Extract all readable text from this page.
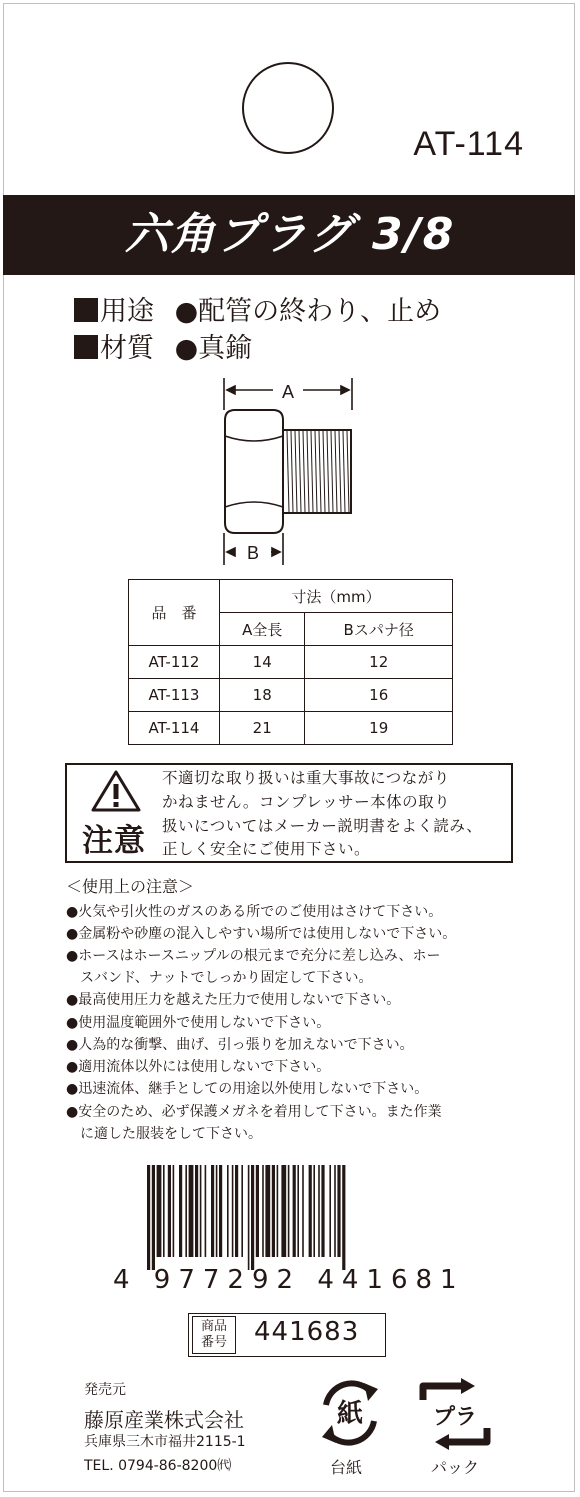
AT-114
六角プラグ 3/8
用途 ●配管の終わり、止め
材質 ●真鍮
A
B
品　番	寸法（mm）	
	A全長	Bスパナ径
AT-112	14	12
AT-113	18	16
AT-114	21	19
注意
不適切な取り扱いは重大事故につながり
かねません。コンプレッサー本体の取り
扱いについてはメーカー説明書をよく読み、
正しく安全にご使用下さい。
＜使用上の注意＞
●火気や引火性のガスのある所でのご使用はさけて下さい。
●金属粉や砂塵の混入しやすい場所では使用しないで下さい。
●ホースはホースニップルの根元まで充分に差し込み、ホー
　スバンド、ナットでしっかり固定して下さい。
●最高使用圧力を越えた圧力で使用しないで下さい。
●使用温度範囲外で使用しないで下さい。
●人為的な衝撃、曲げ、引っ張りを加えないで下さい。
●適用流体以外には使用しないで下さい。
●迅速流体、継手としての用途以外使用しないで下さい。
●安全のため、必ず保護メガネを着用して下さい。また作業
　に適した服装をして下さい。
4 977292 441681
商品
番号	441683
発売元
藤原産業株式会社
兵庫県三木市福井2115-1
TEL. 0794-86-8200㈹
紙
台紙
プラ
パック
